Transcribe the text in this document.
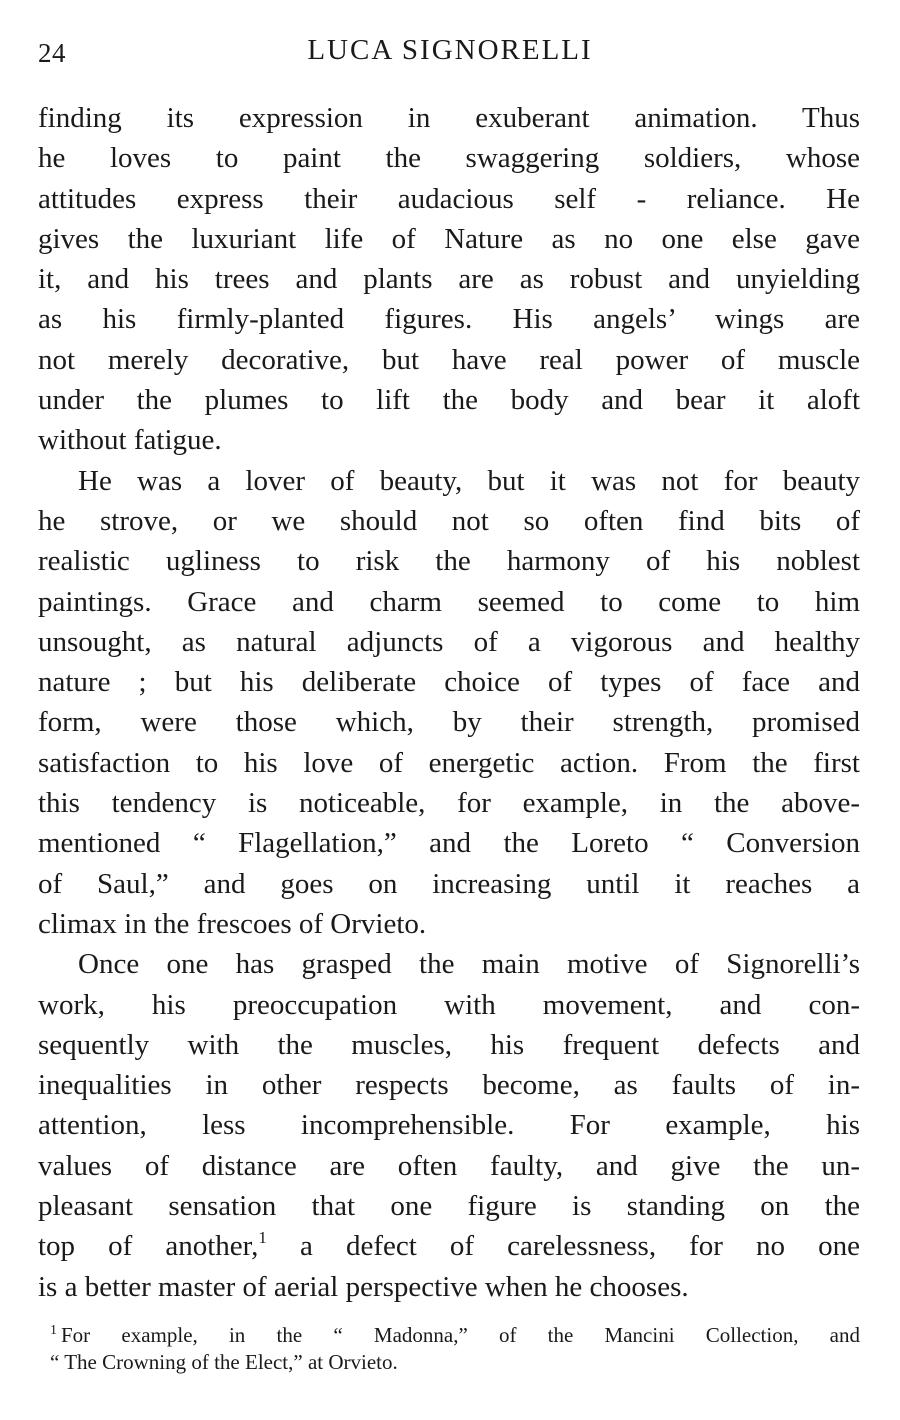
24	LUCA SIGNORELLI
finding its expression in exuberant animation. Thus
he loves to paint the swaggering soldiers, whose
attitudes express their audacious self - reliance. He
gives the luxuriant life of Nature as no one else gave
it, and his trees and plants are as robust and unyielding
as his firmly-planted figures. His angels’ wings are
not merely decorative, but have real power of muscle
under the plumes to lift the body and bear it aloft
without fatigue.
He was a lover of beauty, but it was not for beauty
he strove, or we should not so often find bits of
realistic ugliness to risk the harmony of his noblest
paintings. Grace and charm seemed to come to him
unsought, as natural adjuncts of a vigorous and healthy
nature ; but his deliberate choice of types of face and
form, were those which, by their strength, promised
satisfaction to his love of energetic action. From the first
this tendency is noticeable, for example, in the above-
mentioned “ Flagellation,” and the Loreto “ Conversion
of Saul,” and goes on increasing until it reaches a
climax in the frescoes of Orvieto.
Once one has grasped the main motive of Signorelli’s
work, his preoccupation with movement, and con-
sequently with the muscles, his frequent defects and
inequalities in other respects become, as faults of in-
attention, less incomprehensible. For example, his
values of distance are often faulty, and give the un-
pleasant sensation that one figure is standing on the
top of another,$^1$ a defect of carelessness, for no one
is a better master of aerial perspective when he chooses.
$^1$ For example, in the “ Madonna,” of the Mancini Collection, and
“ The Crowning of the Elect,” at Orvieto.
